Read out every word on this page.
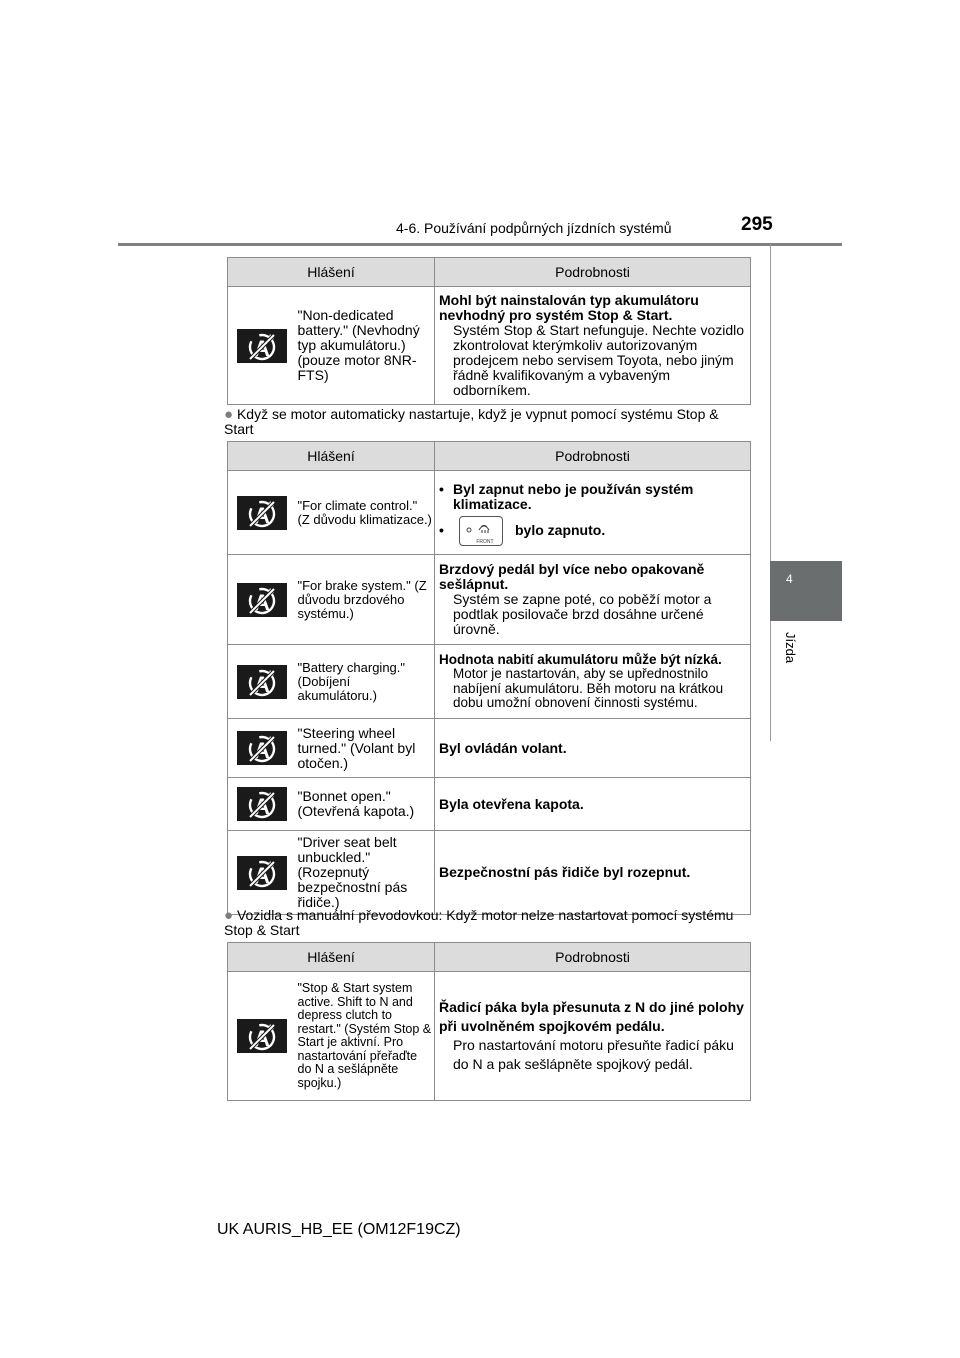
4-6. Používání podpůrných jízdních systémů	295
4
Jízda
Hlášení		Podrobnosti

	"Non-dedicated battery." (Nevhodný typ akumulátoru.) (pouze motor 8NR-FTS)	Mohl být nainstalován typ akumulátoru nevhodný pro systém Stop & Start.
Systém Stop & Start nefunguje. Nechte vozidlo zkontrolovat kterýmkoliv autorizovaným prodejcem nebo servisem Toyota, nebo jiným řádně kvalifikovaným a vybaveným odborníkem.
● Když se motor automaticky nastartuje, když je vypnut pomocí systému Stop & Start
Hlášení		Podrobnosti

	"For climate control." (Z důvodu klimatizace.)	• Byl zapnut nebo je používán systém klimatizace.
•
FRONT
bylo zapnuto.

	"For brake system." (Z důvodu brzdového systému.)	Brzdový pedál byl více nebo opakovaně sešlápnut.
Systém se zapne poté, co poběží motor a podtlak posilovače brzd dosáhne určené úrovně.

	"Battery charging." (Dobíjení akumulátoru.)	Hodnota nabití akumulátoru může být nízká.
Motor je nastartován, aby se upřednostnilo nabíjení akumulátoru. Běh motoru na krátkou dobu umožní obnovení činnosti systému.

	"Steering wheel turned." (Volant byl otočen.)	Byl ovládán volant.

	"Bonnet open." (Otevřená kapota.)	Byla otevřena kapota.

	"Driver seat belt unbuckled." (Rozepnutý bezpečnostní pás řidiče.)	Bezpečnostní pás řidiče byl rozepnut.
● Vozidla s manuální převodovkou: Když motor nelze nastartovat pomocí systému Stop & Start
Hlášení		Podrobnosti

	"Stop & Start system active. Shift to N and depress clutch to restart." (Systém Stop & Start je aktivní. Pro nastartování přeřaďte do N a sešlápněte spojku.)	Řadicí páka byla přesunuta z N do jiné polohy při uvolněném spojkovém pedálu.
Pro nastartování motoru přesuňte řadicí páku do N a pak sešlápněte spojkový pedál.
UK AURIS_HB_EE (OM12F19CZ)
